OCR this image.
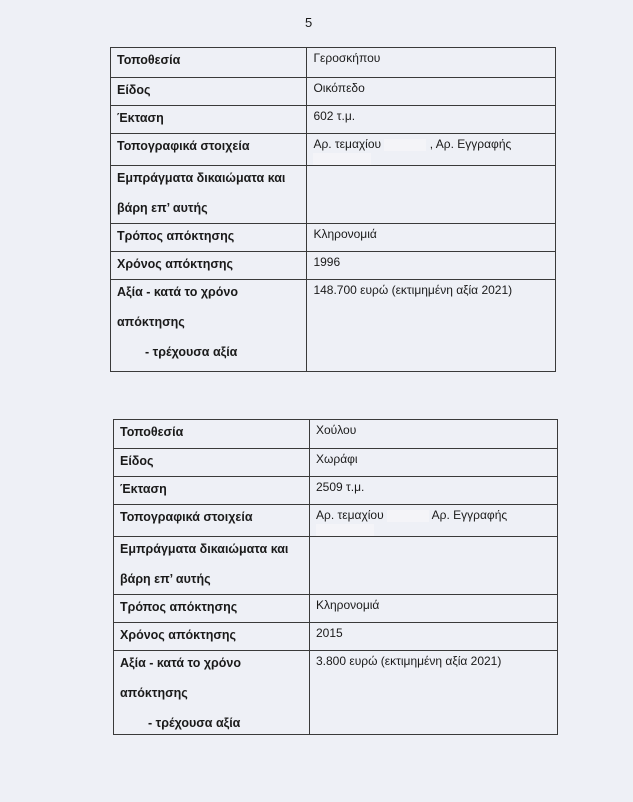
5
Τοποθεσία	Γεροσκήπου
Είδος	Οικόπεδο
Έκταση	602 τ.μ.
Τοπογραφικά στοιχεία	Αρ. τεμαχίου , Αρ. Εγγραφής

Εμπράγματα δικαιώματα και
βάρη επ’ αυτής	

Τρόπος απόκτησης	Κληρονομιά
Χρόνος απόκτησης	1996

Αξία - κατά το χρόνο
απόκτησης
- τρέχουσα αξία	148.700 ευρώ (εκτιμημένη αξία 2021)
Τοποθεσία	Χούλου
Είδος	Χωράφι
Έκταση	2509 τ.μ.
Τοπογραφικά στοιχεία	Αρ. τεμαχίου Αρ. Εγγραφής

Εμπράγματα δικαιώματα και
βάρη επ’ αυτής	

Τρόπος απόκτησης	Κληρονομιά
Χρόνος απόκτησης	2015

Αξία - κατά το χρόνο
απόκτησης
- τρέχουσα αξία	3.800 ευρώ (εκτιμημένη αξία 2021)
